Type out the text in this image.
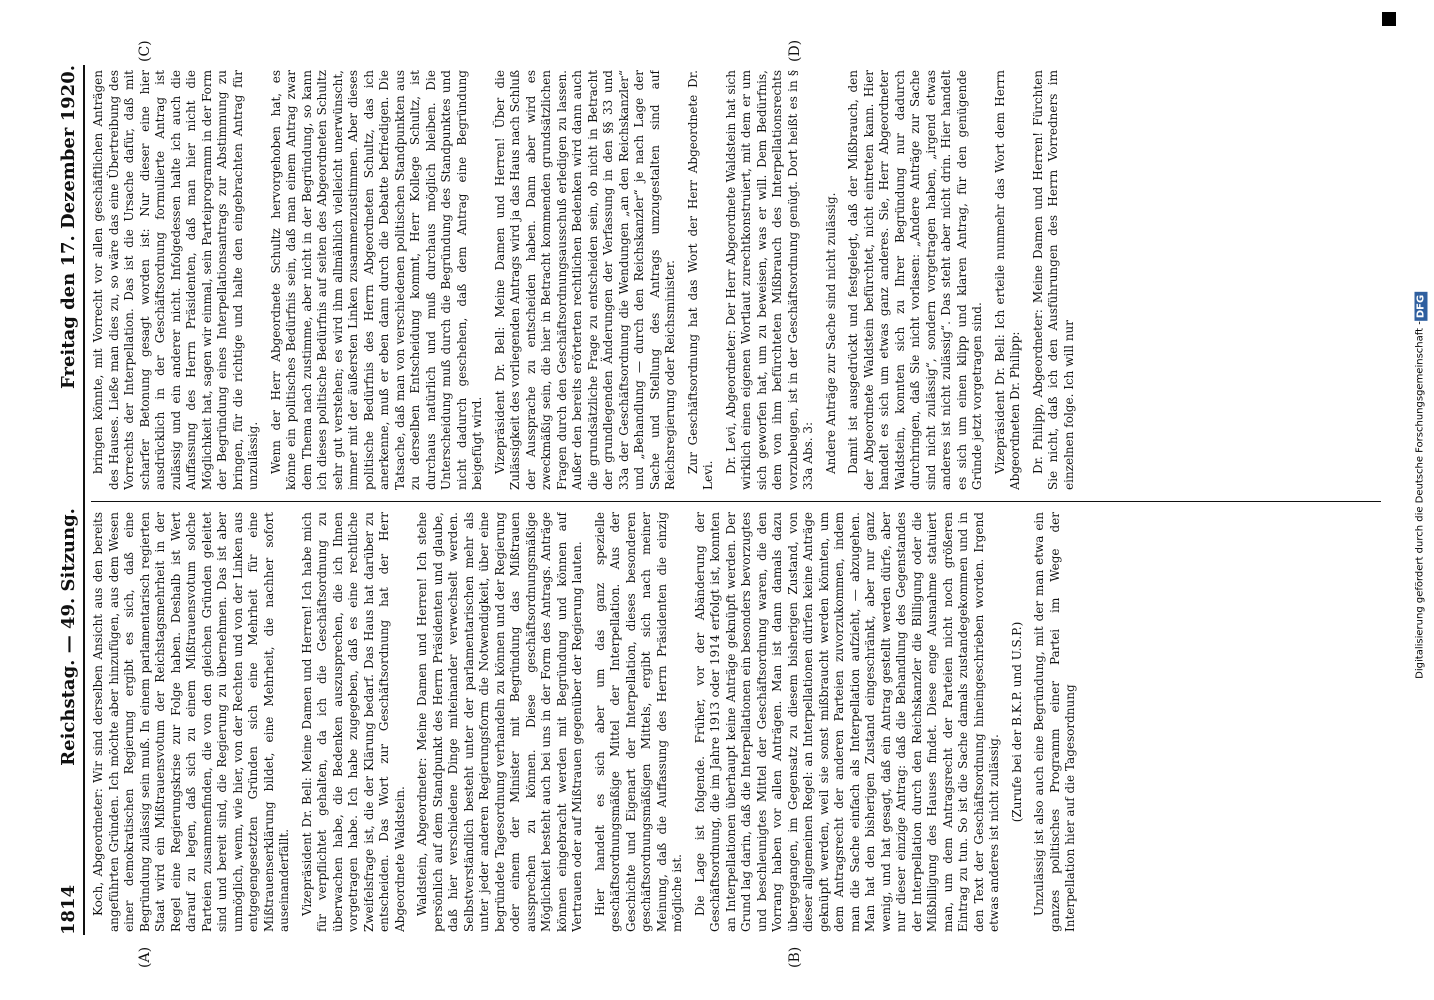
1814
Reichstag. — 49. Sitzung.
Freitag den 17. Dezember 1920.
(A)	(B)
(C)	(D)

Koch, Abgeordneter: Wir sind derselben Ansicht aus den bereits angeführten Gründen. Ich möchte aber hinzufügen, aus dem Wesen einer demokratischen Regierung ergibt es sich, daß eine Begründung zulässig sein muß. In einem parlamentarisch regierten Staat wird ein Mißtrauensvotum der Reichstagsmehrheit in der Regel eine Regierungskrise zur Folge haben. Deshalb ist Wert darauf zu legen, daß sich zu einem Mißtrauensvotum solche Parteien zusammenfinden, die von den gleichen Gründen geleitet sind und bereit sind, die Regierung zu übernehmen. Das ist aber unmöglich, wenn, wie hier, von der Rechten und von der Linken aus entgegengesetzten Gründen sich eine Mehrheit für eine Mißtrauenserklärung bildet, eine Mehrheit, die nachher sofort auseinanderfällt. Vizepräsident Dr. Bell: Meine Damen und Herren! Ich habe mich für verpflichtet gehalten, da ich die Geschäftsordnung zu überwachen habe, die Bedenken auszusprechen, die ich Ihnen vorgetragen habe. Ich habe zugegeben, daß es eine rechtliche Zweifelsfrage ist, die der Klärung bedarf. Das Haus hat darüber zu entscheiden. Das Wort zur Geschäftsordnung hat der Herr Abgeordnete Waldstein. Waldstein, Abgeordneter: Meine Damen und Herren! Ich stehe persönlich auf dem Standpunkt des Herrn Präsidenten und glaube, daß hier verschiedene Dinge miteinander verwechselt werden. Selbstverständlich besteht unter der parlamentarischen mehr als unter jeder anderen Regierungsform die Notwendigkeit, über eine begründete Tagesordnung verhandeln zu können und der Regierung oder einem der Minister mit Begründung das Mißtrauen aussprechen zu können. Diese geschäftsordnungsmäßige Möglichkeit besteht auch bei uns in der Form des Antrags. Anträge können eingebracht werden mit Begründung und können auf Vertrauen oder auf Mißtrauen gegenüber der Regierung lauten. Hier handelt es sich aber um das ganz spezielle geschäftsordnungsmäßige Mittel der Interpellation. Aus der Geschichte und Eigenart der Interpellation, dieses besonderen geschäftsordnungsmäßigen Mittels, ergibt sich nach meiner Meinung, daß die Auffassung des Herrn Präsidenten die einzig mögliche ist. Die Lage ist folgende. Früher, vor der Abänderung der Geschäftsordnung, die im Jahre 1913 oder 1914 erfolgt ist, konnten an Interpellationen überhaupt keine Anträge geknüpft werden. Der Grund lag darin, daß die Interpellationen ein besonders bevorzugtes und beschleunigtes Mittel der Geschäftsordnung waren, die den Vorrang haben vor allen Anträgen. Man ist dann damals dazu übergegangen, im Gegensatz zu diesem bisherigen Zustand, von dieser allgemeinen Regel: an Interpellationen dürfen keine Anträge geknüpft werden, weil sie sonst mißbraucht werden könnten, um dem Antragsrecht der anderen Parteien zuvorzukommen, indem man die Sache einfach als Interpellation aufzieht, — abzugehen. Man hat den bisherigen Zustand eingeschränkt, aber nur ganz wenig, und hat gesagt, daß ein Antrag gestellt werden dürfe, aber nur dieser einzige Antrag: daß die Behandlung des Gegenstandes der Interpellation durch den Reichskanzler die Billigung oder die Mißbilligung des Hauses findet. Diese enge Ausnahme statuiert man, um dem Antragsrecht der Parteien nicht noch größeren Eintrag zu tun. So ist die Sache damals zustandegekommen und in den Text der Geschäftsordnung hineingeschrieben worden. Irgend etwas anderes ist nicht zulässig.

(Zurufe bei der B.K.P. und U.S.P.) Unzulässig ist also auch eine Begründung, mit der man etwa ein ganzes politisches Programm einer Partei im Wege der Interpellation hier auf die Tagesordnung

bringen könnte, mit Vorrecht vor allen geschäftlichen Anträgen des Hauses. Ließe man dies zu, so wäre das eine Übertreibung des Vorrechts der Interpellation. Das ist die Ursache dafür, daß mit scharfer Betonung gesagt worden ist: Nur dieser eine hier ausdrücklich in der Geschäftsordnung formulierte Antrag ist zulässig und ein anderer nicht. Infolgedessen halte ich auch die Auffassung des Herrn Präsidenten, daß man hier nicht die Möglichkeit hat, sagen wir einmal, sein Parteiprogramm in der Form der Begründung eines Interpellationsantrags zur Abstimmung zu bringen, für die richtige und halte den eingebrachten Antrag für unzulässig. Wenn der Herr Abgeordnete Schultz hervorgehoben hat, es könne ein politisches Bedürfnis sein, daß man einem Antrag zwar dem Thema nach zustimme, aber nicht in der Begründung, so kann ich dieses politische Bedürfnis auf seiten des Abgeordneten Schultz sehr gut verstehen; es wird ihm allmählich vielleicht unerwünscht, immer mit der äußersten Linken zusammenzustimmen. Aber dieses politische Bedürfnis des Herrn Abgeordneten Schultz, das ich anerkenne, muß er eben dann durch die Debatte befriedigen. Die Tatsache, daß man von verschiedenen politischen Standpunkten aus zu derselben Entscheidung kommt, Herr Kollege Schultz, ist durchaus natürlich und muß durchaus möglich bleiben. Die Unterscheidung muß durch die Begründung des Standpunktes und nicht dadurch geschehen, daß dem Antrag eine Begründung beigefügt wird. Vizepräsident Dr. Bell: Meine Damen und Herren! Über die Zulässigkeit des vorliegenden Antrags wird ja das Haus nach Schluß der Aussprache zu entscheiden haben. Dann aber wird es zweckmäßig sein, die hier in Betracht kommenden grundsätzlichen Fragen durch den Geschäftsordnungsausschuß erledigen zu lassen. Außer den bereits erörterten rechtlichen Bedenken wird dann auch die grundsätzliche Frage zu entscheiden sein, ob nicht in Betracht der grundlegenden Änderungen der Verfassung in den §§ 33 und 33a der Geschäftsordnung die Wendungen „an den Reichskanzler“ und „Behandlung — durch den Reichskanzler“ je nach Lage der Sache und Stellung des Antrags umzugestalten sind auf Reichsregierung oder Reichsminister. Zur Geschäftsordnung hat das Wort der Herr Abgeordnete Dr. Levi.

Dr. Levi, Abgeordneter: Der Herr Abgeordnete Waldstein hat sich wirklich einen eigenen Wortlaut zurechtkonstruiert, mit dem er um sich geworfen hat, um zu beweisen, was er will. Dem Bedürfnis, dem von ihm befürchteten Mißbrauch des Interpellationsrechts vorzubeugen, ist in der Geschäftsordnung genügt. Dort heißt es in § 33a Abs. 3: Andere Anträge zur Sache sind nicht zulässig. Damit ist ausgedrückt und festgelegt, daß der Mißbrauch, den der Abgeordnete Waldstein befürchtet, nicht eintreten kann. Hier handelt es sich um etwas ganz anderes. Sie, Herr Abgeordneter Waldstein, konnten sich zu Ihrer Begründung nur dadurch durchringen, daß Sie nicht vorlasen: „Andere Anträge zur Sache sind nicht zulässig“, sondern vorgetragen haben, „irgend etwas anderes ist nicht zulässig“. Das steht aber nicht drin. Hier handelt es sich um einen klipp und klaren Antrag, für den genügende Gründe jetzt vorgetragen sind. Vizepräsident Dr. Bell: Ich erteile nunmehr das Wort dem Herrn Abgeordneten Dr. Philipp: Dr. Philipp, Abgeordneter: Meine Damen und Herren! Fürchten Sie nicht, daß ich den Ausführungen des Herrn Vorredners im einzelnen folge. Ich will nur	Digitalisierung gefördert durch die Deutsche Forschungsgemeinschaft -
DFG
